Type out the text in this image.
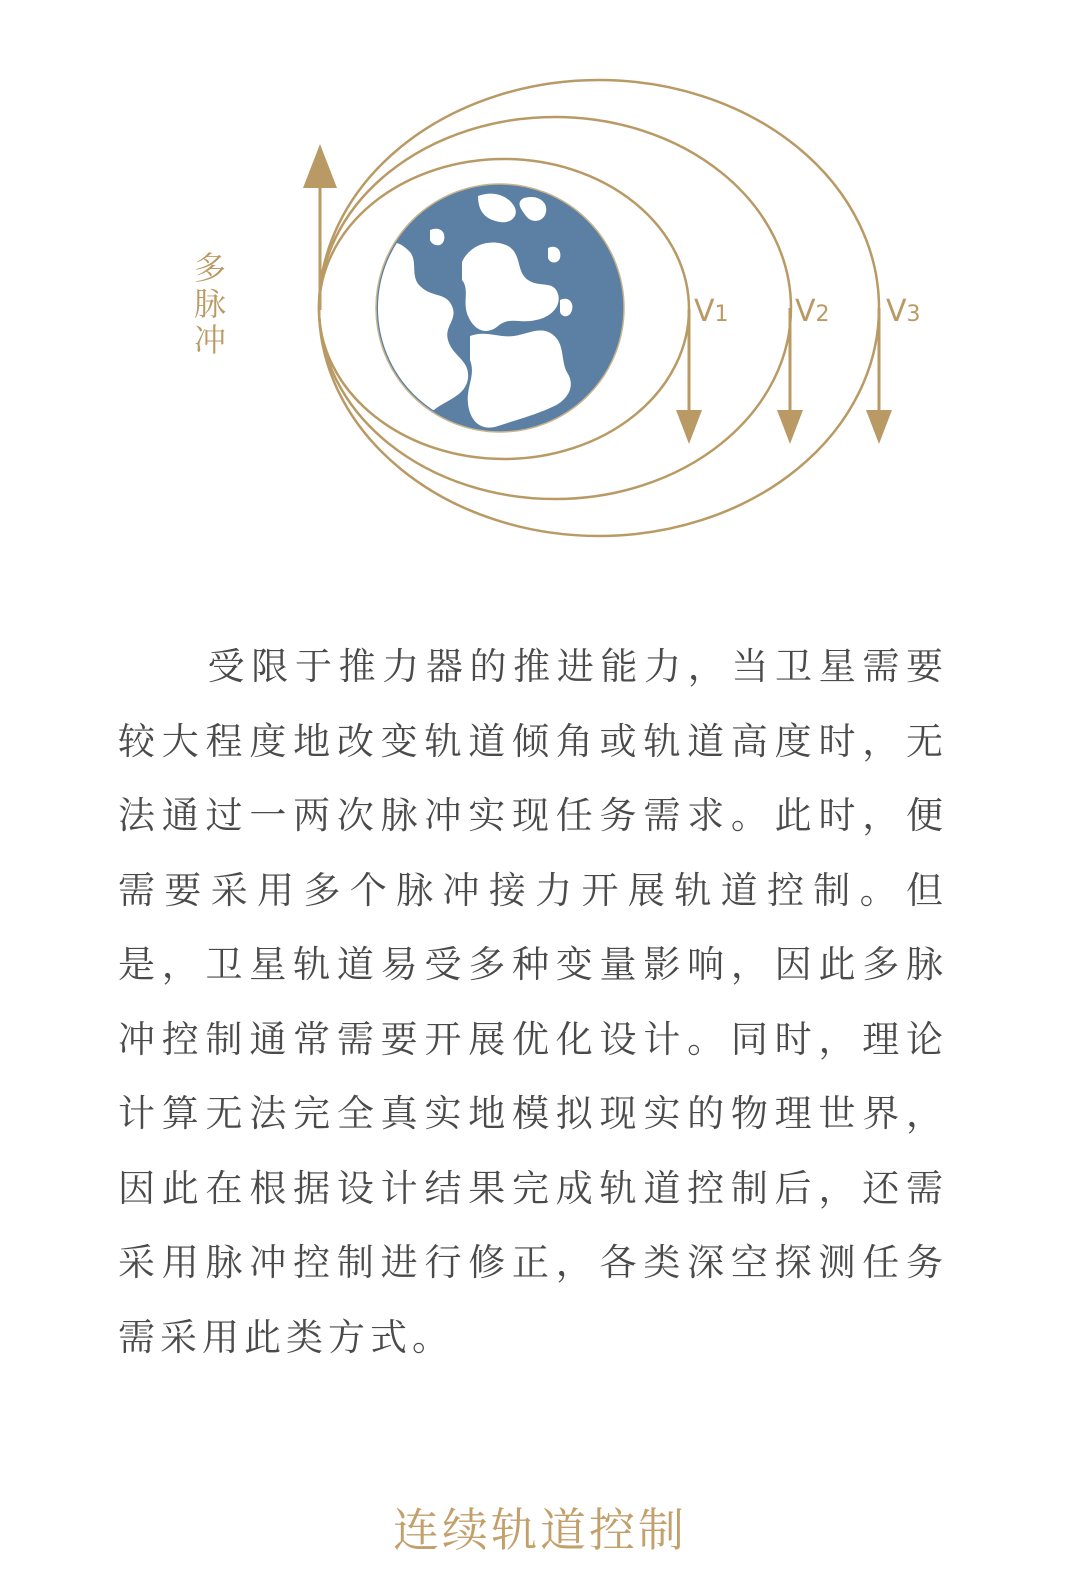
多
脉
冲
V1 V2 V3

受限于推力器的推进能力，当卫星需要较大程度地改变轨道倾角或轨道高度时，无法通过一两次脉冲实现任务需求。此时，便需要采用多个脉冲接力开展轨道控制。但是，卫星轨道易受多种变量影响，因此多脉冲控制通常需要开展优化设计。同时，理论计算无法完全真实地模拟现实的物理世界，因此在根据设计结果完成轨道控制后，还需采用脉冲控制进行修正，各类深空探测任务需采用此类方式。

连续轨道控制
